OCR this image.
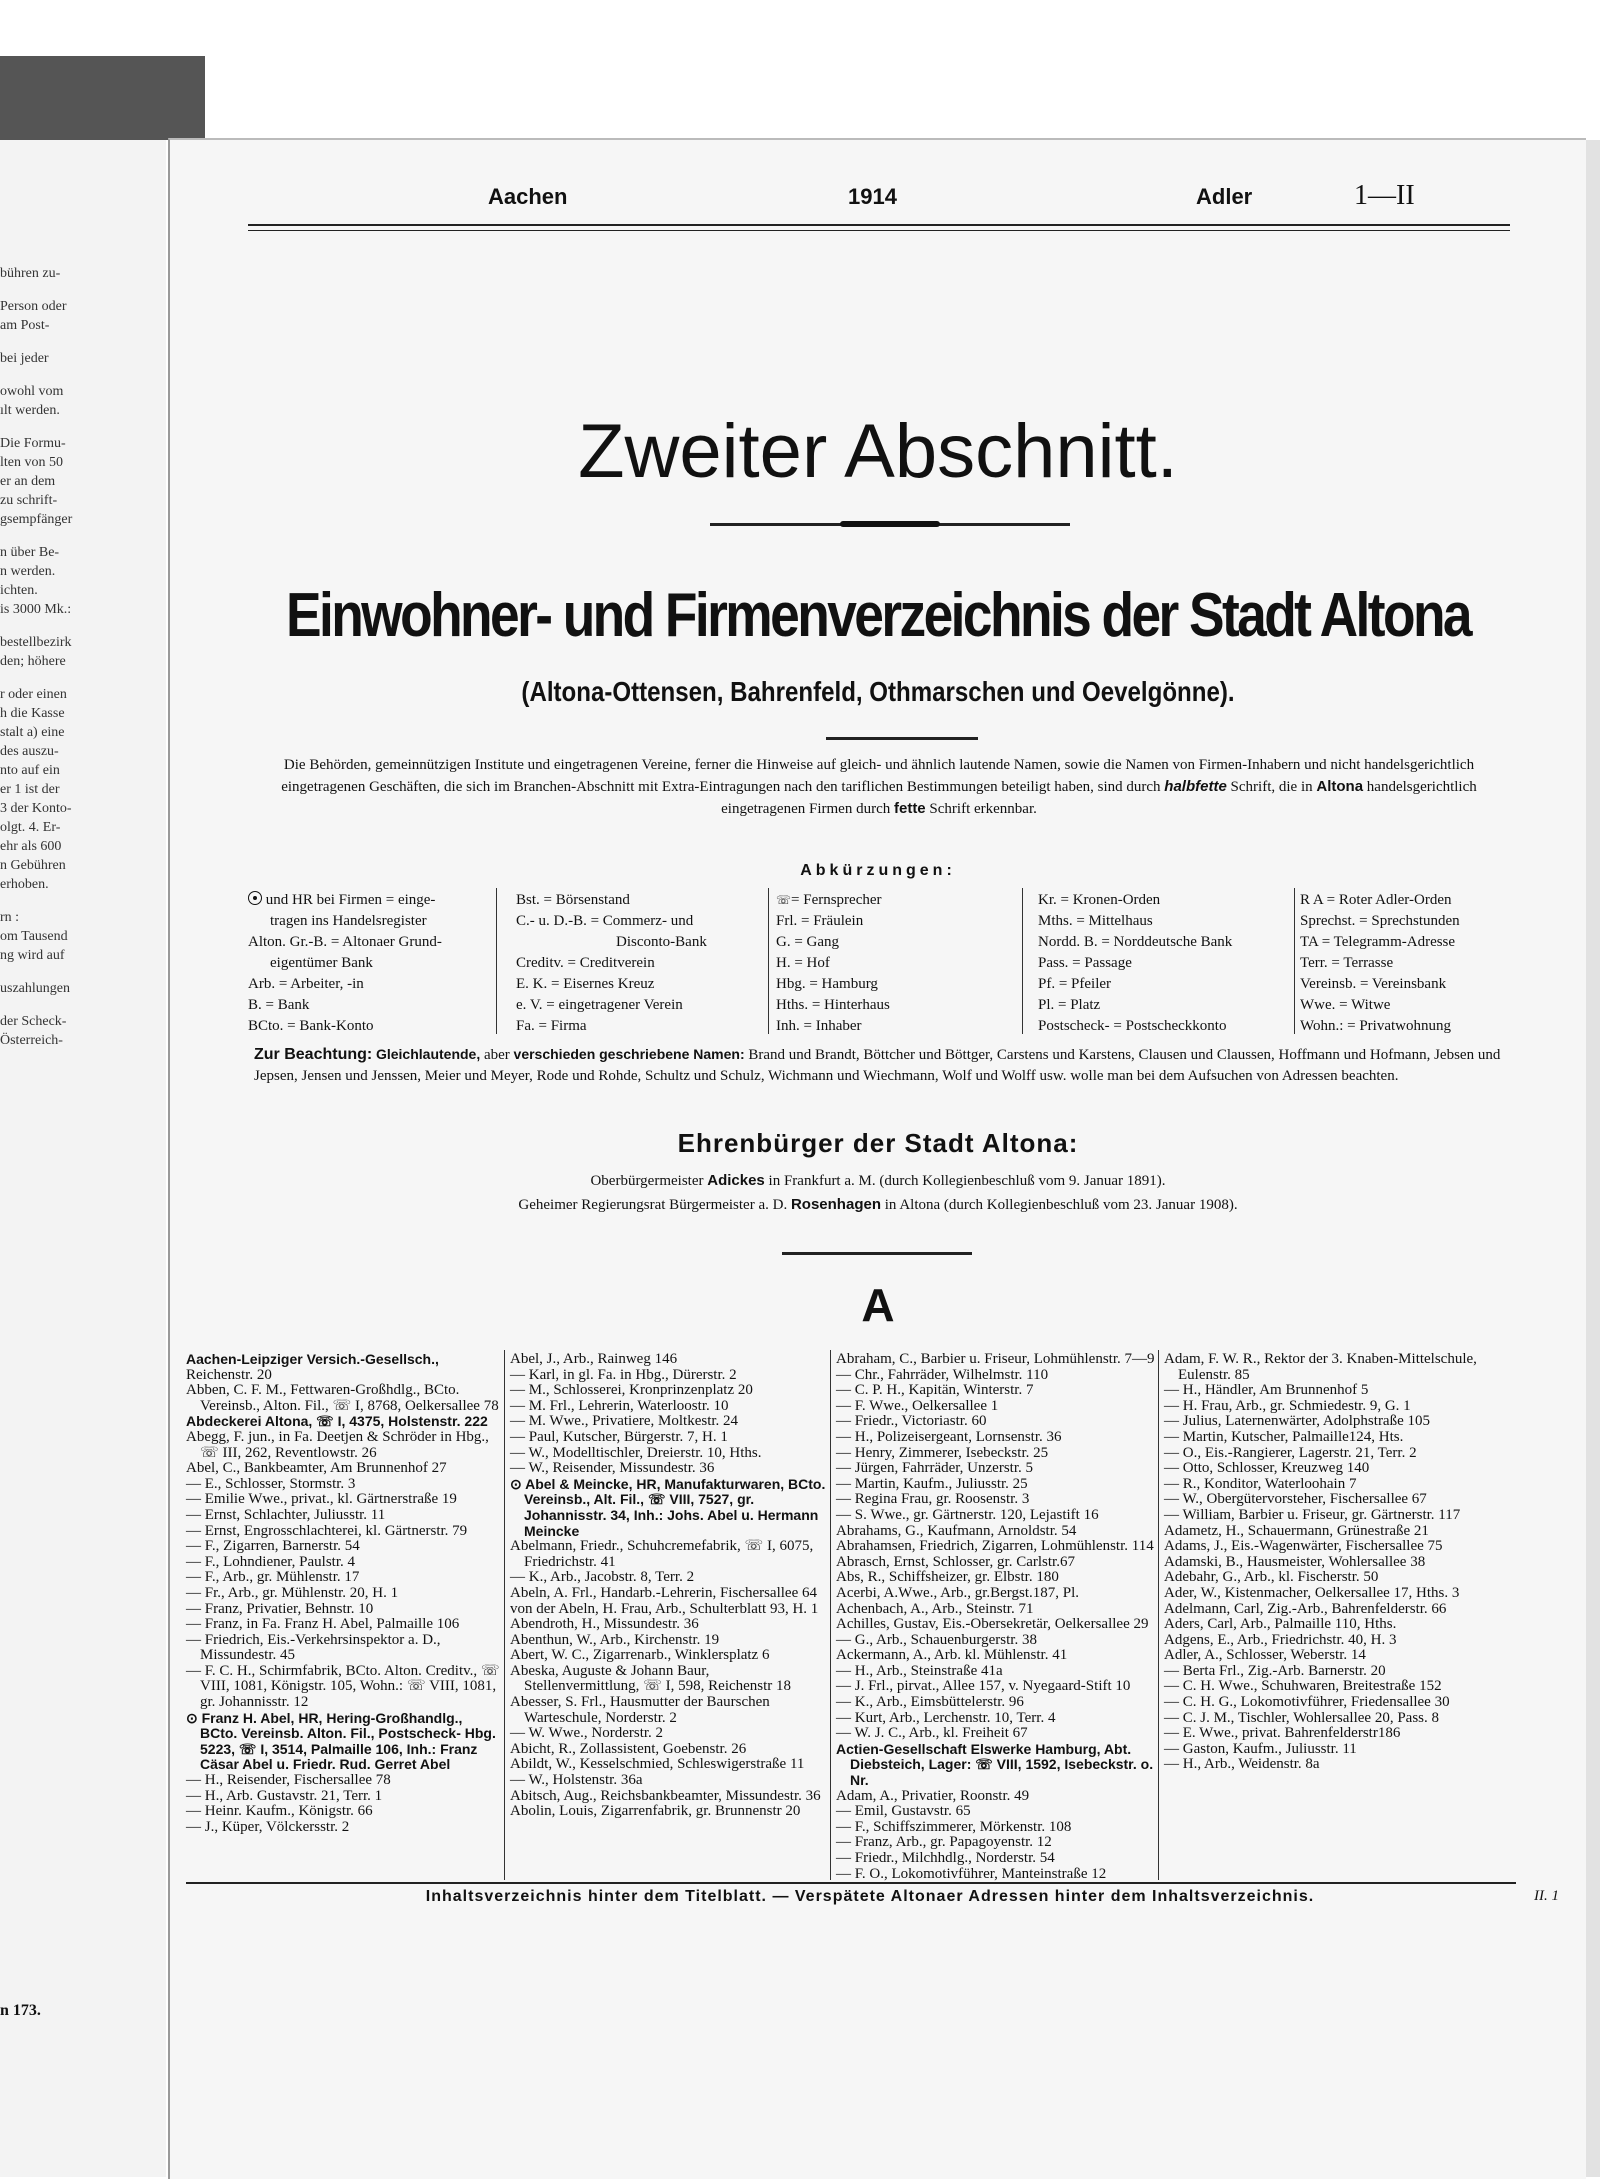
bühren zu-
Person oder
am Post-
bei jeder
owohl vom
ılt werden.
Die Formu-
lten von 50
er an dem
zu schrift-
gsempfänger
n über Be-
n werden.
ichten.
is 3000 Mk.:
bestellbezirk
den; höhere
r oder einen
h die Kasse
stalt a) eine
des auszu-
nto auf ein
er 1 ist der
3 der Konto-
olgt. 4. Er-
ehr als 600
n Gebühren
erhoben.
rn :
om Tausend
ng wird auf
uszahlungen
der Scheck-
Österreich-
n 173.
Aachen	1914	Adler	1—II
Zweiter Abschnitt.
Einwohner- und Firmenverzeichnis der Stadt Altona
(Altona-Ottensen, Bahrenfeld, Othmarschen und Oevelgönne).
Die Behörden, gemeinnützigen Institute und eingetragenen Vereine, ferner die Hinweise auf gleich- und ähnlich lautende Namen, sowie die Namen von Firmen-Inhabern und nicht handelsgerichtlich eingetragenen Geschäften, die sich im Branchen-Abschnitt mit Extra-Eintragungen nach den tariflichen Bestimmungen beteiligt haben, sind durch halbfette Schrift, die in Altona handelsgerichtlich eingetragenen Firmen durch fette Schrift erkennbar.
Abkürzungen:
und HR bei Firmen = einge-
tragen ins Handelsregister
Alton. Gr.-B. = Altonaer Grund-
eigentümer Bank
Arb. = Arbeiter, -in
B. = Bank
BCto. = Bank-Konto
Bst. = Börsenstand
C.- u. D.-B. = Commerz- und
Disconto-Bank
Creditv. = Creditverein
E. K. = Eisernes Kreuz
e. V. = eingetragener Verein
Fa. = Firma
☏= Fernsprecher
Frl. = Fräulein
G. = Gang
H. = Hof
Hbg. = Hamburg
Hths. = Hinterhaus
Inh. = Inhaber
Kr. = Kronen-Orden
Mths. = Mittelhaus
Nordd. B. = Norddeutsche Bank
Pass. = Passage
Pf. = Pfeiler
Pl. = Platz
Postscheck- = Postscheckkonto
R A = Roter Adler-Orden
Sprechst. = Sprechstunden
TA = Telegramm-Adresse
Terr. = Terrasse
Vereinsb. = Vereinsbank
Wwe. = Witwe
Wohn.: = Privatwohnung
Zur Beachtung: Gleichlautende, aber verschieden geschriebene Namen: Brand und Brandt, Böttcher und Böttger, Carstens und Karstens, Clausen und Claussen, Hoffmann und Hofmann, Jebsen und Jepsen, Jensen und Jenssen, Meier und Meyer, Rode und Rohde, Schultz und Schulz, Wichmann und Wiechmann, Wolf und Wolff usw. wolle man bei dem Aufsuchen von Adressen beachten.
Ehrenbürger der Stadt Altona:
Oberbürgermeister Adickes in Frankfurt a. M. (durch Kollegienbeschluß vom 9. Januar 1891).
Geheimer Regierungsrat Bürgermeister a. D. Rosenhagen in Altona (durch Kollegienbeschluß vom 23. Januar 1908).
A
Aachen-Leipziger Versich.-Gesellsch.,
Reichenstr. 20
Abben, C. F. M., Fettwaren-Großhdlg., BCto. Vereinsb., Alton. Fil., ☏ I, 8768, Oelkersallee 78
Abdeckerei Altona, ☏ I, 4375, Holstenstr. 222
Abegg, F. jun., in Fa. Deetjen & Schröder in Hbg., ☏ III, 262, Reventlowstr. 26
Abel, C., Bankbeamter, Am Brunnenhof 27
— E., Schlosser, Stormstr. 3
— Emilie Wwe., privat., kl. Gärtnerstraße 19
— Ernst, Schlachter, Juliusstr. 11
— Ernst, Engrosschlachterei, kl. Gärtnerstr. 79
— F., Zigarren, Barnerstr. 54
— F., Lohndiener, Paulstr. 4
— F., Arb., gr. Mühlenstr. 17
— Fr., Arb., gr. Mühlenstr. 20, H. 1
— Franz, Privatier, Behnstr. 10
— Franz, in Fa. Franz H. Abel, Palmaille 106
— Friedrich, Eis.-Verkehrsinspektor a. D., Missundestr. 45
— F. C. H., Schirmfabrik, BCto. Alton. Creditv., ☏ VIII, 1081, Königstr. 105, Wohn.: ☏ VIII, 1081, gr. Johannisstr. 12
⊙ Franz H. Abel, HR, Hering-Großhandlg., BCto. Vereinsb. Alton. Fil., Postscheck- Hbg. 5223, ☏ I, 3514, Palmaille 106, Inh.: Franz Cäsar Abel u. Friedr. Rud. Gerret Abel
— H., Reisender, Fischersallee 78
— H., Arb. Gustavstr. 21, Terr. 1
— Heinr. Kaufm., Königstr. 66
— J., Küper, Völckersstr. 2
Abel, J., Arb., Rainweg 146
— Karl, in gl. Fa. in Hbg., Dürerstr. 2
— M., Schlosserei, Kronprinzenplatz 20
— M. Frl., Lehrerin, Waterloostr. 10
— M. Wwe., Privatiere, Moltkestr. 24
— Paul, Kutscher, Bürgerstr. 7, H. 1
— W., Modelltischler, Dreierstr. 10, Hths.
— W., Reisender, Missundestr. 36
⊙ Abel & Meincke, HR, Manufakturwaren, BCto. Vereinsb., Alt. Fil., ☏ VIII, 7527, gr. Johannisstr. 34, Inh.: Johs. Abel u. Hermann Meincke
Abelmann, Friedr., Schuhcremefabrik, ☏ I, 6075, Friedrichstr. 41
— K., Arb., Jacobstr. 8, Terr. 2
Abeln, A. Frl., Handarb.-Lehrerin, Fischersallee 64
von der Abeln, H. Frau, Arb., Schulterblatt 93, H. 1
Abendroth, H., Missundestr. 36
Abenthun, W., Arb., Kirchenstr. 19
Abert, W. C., Zigarrenarb., Winklersplatz 6
Abeska, Auguste & Johann Baur, Stellenvermittlung, ☏ I, 598, Reichenstr 18
Abesser, S. Frl., Hausmutter der Baurschen Warteschule, Norderstr. 2
— W. Wwe., Norderstr. 2
Abicht, R., Zollassistent, Goebenstr. 26
Abildt, W., Kesselschmied, Schleswigerstraße 11
— W., Holstenstr. 36a
Abitsch, Aug., Reichsbankbeamter, Missundestr. 36
Abolin, Louis, Zigarrenfabrik, gr. Brunnenstr 20
Abraham, C., Barbier u. Friseur, Lohmühlenstr. 7—9
— Chr., Fahrräder, Wilhelmstr. 110
— C. P. H., Kapitän, Winterstr. 7
— F. Wwe., Oelkersallee 1
— Friedr., Victoriastr. 60
— H., Polizeisergeant, Lornsenstr. 36
— Henry, Zimmerer, Isebeckstr. 25
— Jürgen, Fahrräder, Unzerstr. 5
— Martin, Kaufm., Juliusstr. 25
— Regina Frau, gr. Roosenstr. 3
— S. Wwe., gr. Gärtnerstr. 120, Lejastift 16
Abrahams, G., Kaufmann, Arnoldstr. 54
Abrahamsen, Friedrich, Zigarren, Lohmühlenstr. 114
Abrasch, Ernst, Schlosser, gr. Carlstr.67
Abs, R., Schiffsheizer, gr. Elbstr. 180
Acerbi, A.Wwe., Arb., gr.Bergst.187, Pl.
Achenbach, A., Arb., Steinstr. 71
Achilles, Gustav, Eis.-Obersekretär, Oelkersallee 29
— G., Arb., Schauenburgerstr. 38
Ackermann, A., Arb. kl. Mühlenstr. 41
— H., Arb., Steinstraße 41a
— J. Frl., pirvat., Allee 157, v. Nyegaard-Stift 10
— K., Arb., Eimsbüttelerstr. 96
— Kurt, Arb., Lerchenstr. 10, Terr. 4
— W. J. C., Arb., kl. Freiheit 67
Actien-Gesellschaft Elswerke Hamburg, Abt. Diebsteich, Lager: ☏ VIII, 1592, Isebeckstr. o. Nr.
Adam, A., Privatier, Roonstr. 49
— Emil, Gustavstr. 65
— F., Schiffszimmerer, Mörkenstr. 108
— Franz, Arb., gr. Papagoyenstr. 12
— Friedr., Milchhdlg., Norderstr. 54
— F. O., Lokomotivführer, Manteinstraße 12
Adam, F. W. R., Rektor der 3. Knaben-Mittelschule, Eulenstr. 85
— H., Händler, Am Brunnenhof 5
— H. Frau, Arb., gr. Schmiedestr. 9, G. 1
— Julius, Laternenwärter, Adolphstraße 105
— Martin, Kutscher, Palmaille124, Hts.
— O., Eis.-Rangierer, Lagerstr. 21, Terr. 2
— Otto, Schlosser, Kreuzweg 140
— R., Konditor, Waterloohain 7
— W., Obergütervorsteher, Fischersallee 67
— William, Barbier u. Friseur, gr. Gärtnerstr. 117
Adametz, H., Schauermann, Grünestraße 21
Adams, J., Eis.-Wagenwärter, Fischersallee 75
Adamski, B., Hausmeister, Wohlersallee 38
Adebahr, G., Arb., kl. Fischerstr. 50
Ader, W., Kistenmacher, Oelkersallee 17, Hths. 3
Adelmann, Carl, Zig.-Arb., Bahrenfelderstr. 66
Aders, Carl, Arb., Palmaille 110, Hths.
Adgens, E., Arb., Friedrichstr. 40, H. 3
Adler, A., Schlosser, Weberstr. 14
— Berta Frl., Zig.-Arb. Barnerstr. 20
— C. H. Wwe., Schuhwaren, Breitestraße 152
— C. H. G., Lokomotivführer, Friedensallee 30
— C. J. M., Tischler, Wohlersallee 20, Pass. 8
— E. Wwe., privat. Bahrenfelderstr186
— Gaston, Kaufm., Juliusstr. 11
— H., Arb., Weidenstr. 8a
Inhaltsverzeichnis hinter dem Titelblatt. — Verspätete Altonaer Adressen hinter dem Inhaltsverzeichnis.	II. 1
